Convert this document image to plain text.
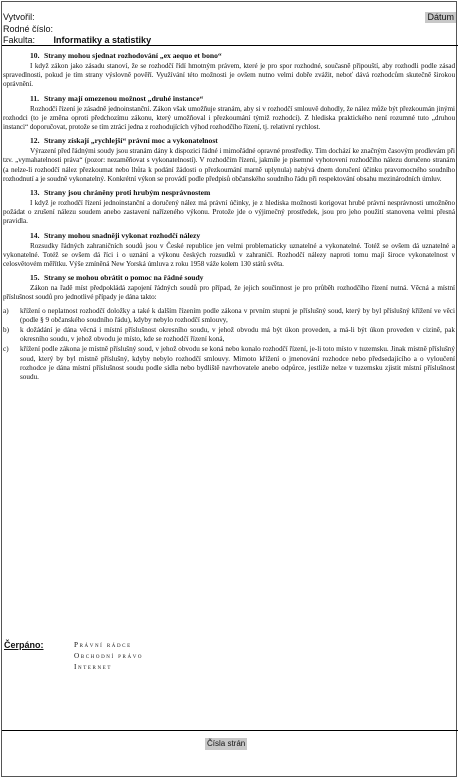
Vytvořil:
Rodné číslo:
Fakulta: Informatiky a statistiky
Dátum
10. Strany mohou sjednat rozhodování „ex aequo et bono“

I když zákon jako zásadu stanoví, že se rozhodčí řídí hmotným právem, které je pro spor rozhodné, současně připouští, aby rozhodli podle zásad spravedlnosti, pokud je tím strany výslovně pověří. Využívání této možnosti je ovšem nutno velmi dobře zvážit, neboť dává rozhodcům skutečně širokou oprávnění.

11. Strany mají omezenou možnost „druhé instance“

Rozhodčí řízení je zásadně jednoinstanční. Zákon však umožňuje stranám, aby si v rozhodčí smlouvě dohodly, že nález může být přezkoumán jinými rozhodci (to je změna oproti předchozímu zákonu, který umožňoval i přezkoumání týmiž rozhodci). Z hlediska praktického není rozumné tuto „druhou instanci“ doporučovat, protože se tím ztrácí jedna z rozhodujících výhod rozhodčího řízení, tj. relativní rychlost.

12. Strany získají „rychlejší“ právní moc a vykonatelnost

Výrazení před řádnými soudy jsou stranám dány k dispozici řádné i mimořádné opravné prostředky. Tím dochází ke značným časovým prodlevám při tzv. „vymahatelnosti práva“ (pozor: nezaměňovat s vykonatelností). V rozhodčím řízení, jakmile je písemné vyhotovení rozhodčího nálezu doručeno stranám (a nelze-li rozhodčí nález přezkoumat nebo lhůta k podání žádosti o přezkoumání marně uplynula) nabývá dnem doručení účinku pravomocného soudního rozhodnutí a je soudně vykonatelný. Konkrétní výkon se provádí podle předpisů občanského soudního řádu při respektování obsahu mezinárodních úmluv.

13. Strany jsou chráněny proti hrubým nesprávnostem

I když je rozhodčí řízení jednoinstanční a doručený nález má právní účinky, je z hlediska možnosti korigovat hrubé právní nesprávnosti umožněno požádat o zrušení nálezu soudem anebo zastavení nařízeného výkonu. Protože jde o výjimečný prostředek, jsou pro jeho použití stanovena velmi přesná pravidla.

14. Strany mohou snadněji vykonat rozhodčí nálezy

Rozsudky řádných zahraničních soudů jsou v České republice jen velmi problematicky uznatelné a vykonatelné. Totéž se ovšem dá uznatelné a vykonatelné. Totéž se ovšem dá říci i o uznání a výkonu českých rozsudků v zahraničí. Rozhodčí nálezy naproti tomu mají široce vykonatelnost v celosvětovém měřítku. Výše zmíněná New Yorská úmluva z roku 1958 váže kolem 130 států světa.

15. Strany se mohou obrátit o pomoc na řádné soudy

Zákon na řadě míst předpokládá zapojení řádných soudů pro případ, že jejich součinnost je pro průběh rozhodčího řízení nutná. Věcná a místní příslušnost soudů pro jednotlivé případy je dána takto:

a)	křížení o neplatnost rozhodčí doložky a také k dalším řízením podle zákona v prvním stupni je příslušný soud, který by byl příslušný křížení ve věci (podle § 9 občanského soudního řádu), kdyby nebylo rozhodčí smlouvy,
b)	k dožádání je dána věcná i místní příslušnost okresního soudu, v jehož obvodu má být úkon proveden, a má-li být úkon proveden v cizině, pak okresního soudu, v jehož obvodu je místo, kde se rozhodčí řízení koná,
c)	křížení podle zákona je místně příslušný soud, v jehož obvodu se koná nebo konalo rozhodčí řízení, je-li toto místo v tuzemsku. Jinak místně příslušný soud, který by byl místně příslušný, kdyby nebylo rozhodčí smlouvy. Mimoto křížení o jmenování rozhodce nebo předsedajícího a o vyloučení rozhodce je dána místní příslušnost soudu podle sídla nebo bydliště navrhovatele anebo odpůrce, jestliže nelze v tuzemsku zjistit místní příslušnost soudu.
Čerpáno:	Právní rádce
Obchodní právo
Internet
Čísla strán
